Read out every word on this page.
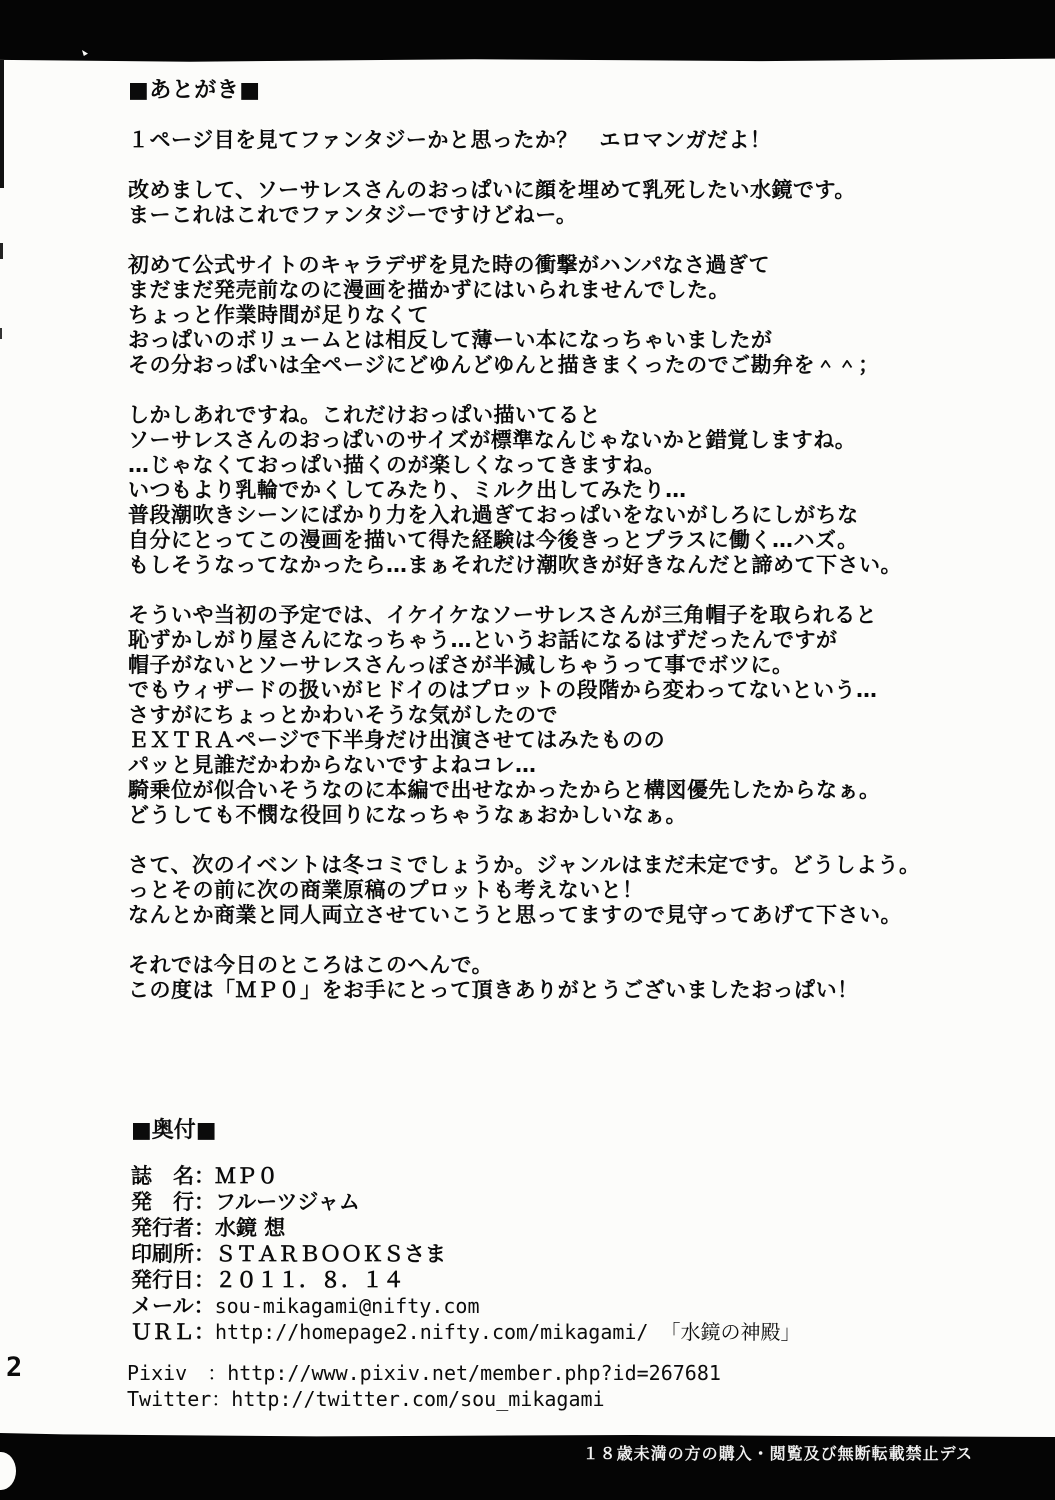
■あとがき■
１ページ目を見てファンタジーかと思ったか？　エロマンガだよ！
改めまして、ソーサレスさんのおっぱいに顔を埋めて乳死したい水鏡です。
まーこれはこれでファンタジーですけどねー。
初めて公式サイトのキャラデザを見た時の衝撃がハンパなさ過ぎて
まだまだ発売前なのに漫画を描かずにはいられませんでした。
ちょっと作業時間が足りなくて
おっぱいのボリュームとは相反して薄ーい本になっちゃいましたが
その分おっぱいは全ページにどゆんどゆんと描きまくったのでご勘弁を＾＾；
しかしあれですね。これだけおっぱい描いてると
ソーサレスさんのおっぱいのサイズが標準なんじゃないかと錯覚しますね。
…じゃなくておっぱい描くのが楽しくなってきますね。
いつもより乳輪でかくしてみたり、ミルク出してみたり…
普段潮吹きシーンにばかり力を入れ過ぎておっぱいをないがしろにしがちな
自分にとってこの漫画を描いて得た経験は今後きっとプラスに働く…ハズ。
もしそうなってなかったら…まぁそれだけ潮吹きが好きなんだと諦めて下さい。
そういや当初の予定では、イケイケなソーサレスさんが三角帽子を取られると
恥ずかしがり屋さんになっちゃう…というお話になるはずだったんですが
帽子がないとソーサレスさんっぽさが半減しちゃうって事でボツに。
でもウィザードの扱いがヒドイのはプロットの段階から変わってないという…
さすがにちょっとかわいそうな気がしたので
ＥＸＴＲＡページで下半身だけ出演させてはみたものの
パッと見誰だかわからないですよねコレ…
騎乗位が似合いそうなのに本編で出せなかったからと構図優先したからなぁ。
どうしても不憫な役回りになっちゃうなぁおかしいなぁ。
さて、次のイベントは冬コミでしょうか。ジャンルはまだ未定です。どうしよう。
っとその前に次の商業原稿のプロットも考えないと！
なんとか商業と同人両立させていこうと思ってますので見守ってあげて下さい。
それでは今日のところはこのへんで。
この度は「ＭＰ０」をお手にとって頂きありがとうございましたおっぱい！
■奥付■
誌　名：ＭＰ０
発　行：フルーツジャム
発行者：水鏡 想
印刷所：ＳＴＡＲＢＯＯＫＳさま
発行日：２０１１．８．１４
メール：sou-mikagami@nifty.com
ＵＲＬ：http://homepage2.nifty.com/mikagami/ 「水鏡の神殿」
Pixiv　：http://www.pixiv.net/member.php?id=267681
Twitter：http://twitter.com/sou_mikagami
2
１８歳未満の方の購入・閲覧及び無断転載禁止デス
